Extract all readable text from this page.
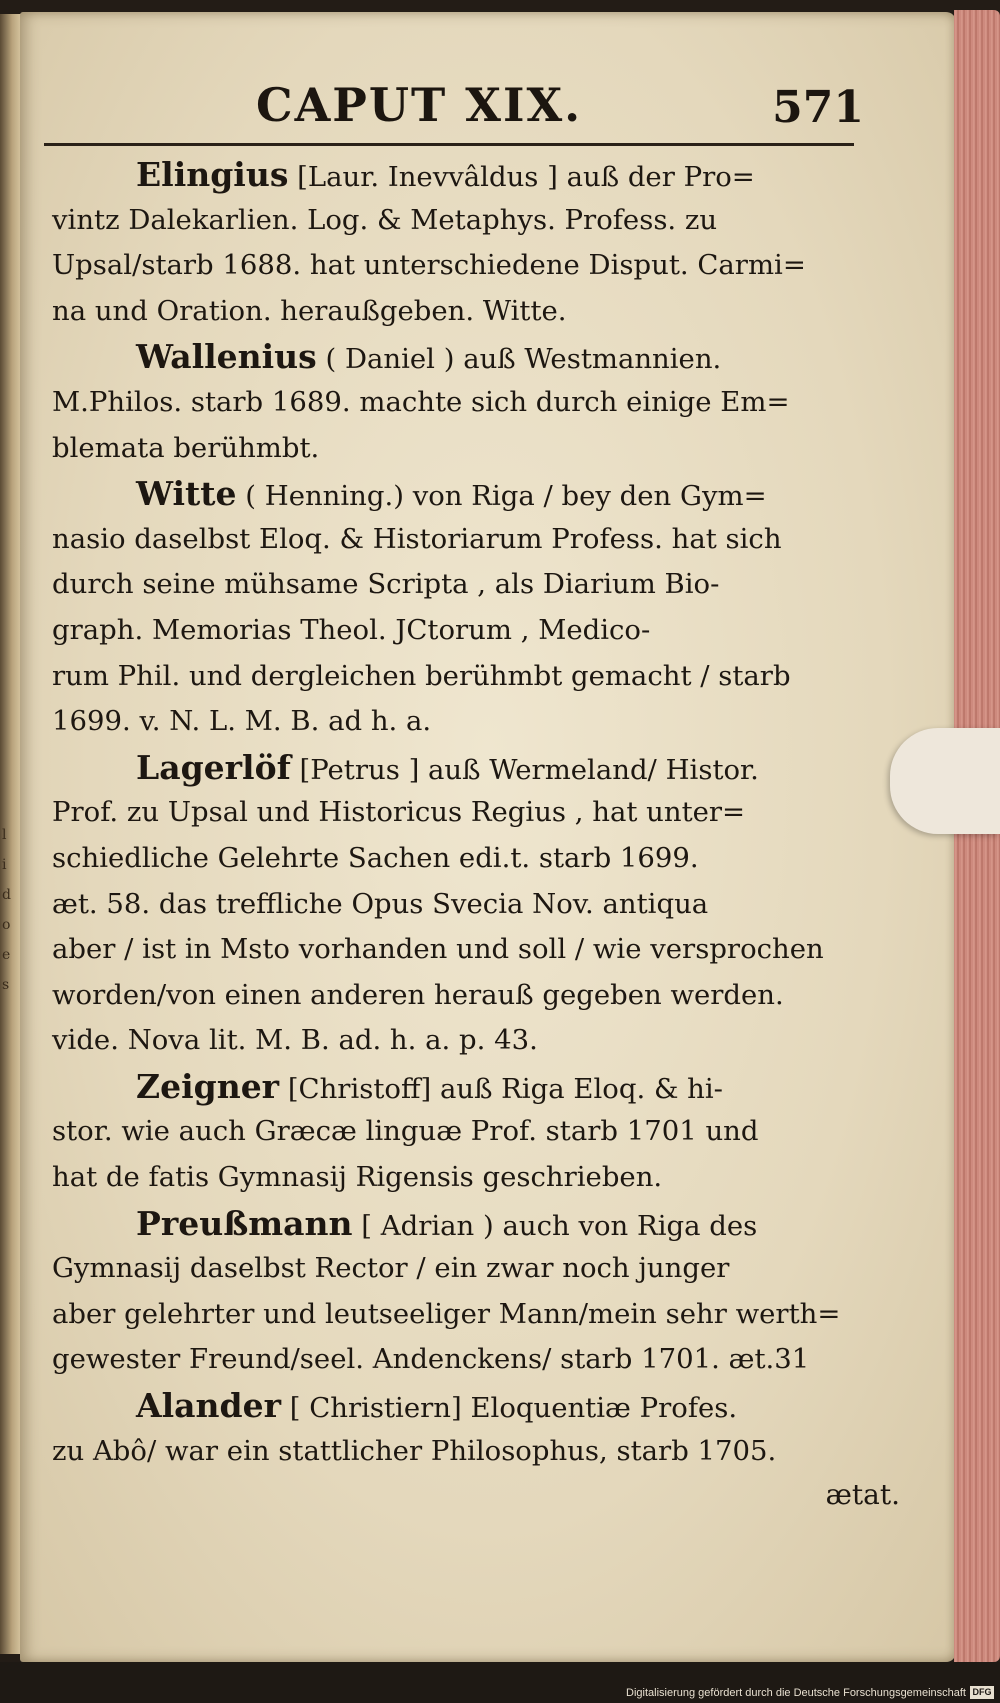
l
i
d
o
e
s
CAPUT XIX.	571
Elingius [Laur. Inevvâldus ] auß der Pro=
vintz Dalekarlien. Log. & Metaphys. Profess. zu
Upsal/starb 1688. hat unterschiedene Disput. Carmi=
na und Oration. heraußgeben. Witte.
Wallenius ( Daniel ) auß Westmannien.
M.Philos. starb 1689. machte sich durch einige Em=
blemata berühmbt.
Witte ( Henning.) von Riga / bey den Gym=
nasio daselbst Eloq. & Historiarum Profess. hat sich
durch seine mühsame Scripta , als Diarium Bio-
graph. Memorias Theol. JCtorum , Medico-
rum Phil. und dergleichen berühmbt gemacht / starb
1699. v. N. L. M. B. ad h. a.
Lagerlöf [Petrus ] auß Wermeland/ Histor.
Prof. zu Upsal und Historicus Regius , hat unter=
schiedliche Gelehrte Sachen edi.t. starb 1699.
æt. 58. das treffliche Opus Svecia Nov. antiqua
aber / ist in Msto vorhanden und soll / wie versprochen
worden/von einen anderen herauß gegeben werden.
vide. Nova lit. M. B. ad. h. a. p. 43.
Zeigner [Christoff] auß Riga Eloq. & hi-
stor. wie auch Græcæ linguæ Prof. starb 1701 und
hat de fatis Gymnasij Rigensis geschrieben.
Preußmann [ Adrian ) auch von Riga des
Gymnasij daselbst Rector / ein zwar noch junger
aber gelehrter und leutseeliger Mann/mein sehr werth=
gewester Freund/seel. Andenckens/ starb 1701. æt.31
Alander [ Christiern] Eloquentiæ Profes.
zu Abô/ war ein stattlicher Philosophus, starb 1705.
ætat.
Digitalisierung gefördert durch die Deutsche Forschungsgemeinschaft DFG
